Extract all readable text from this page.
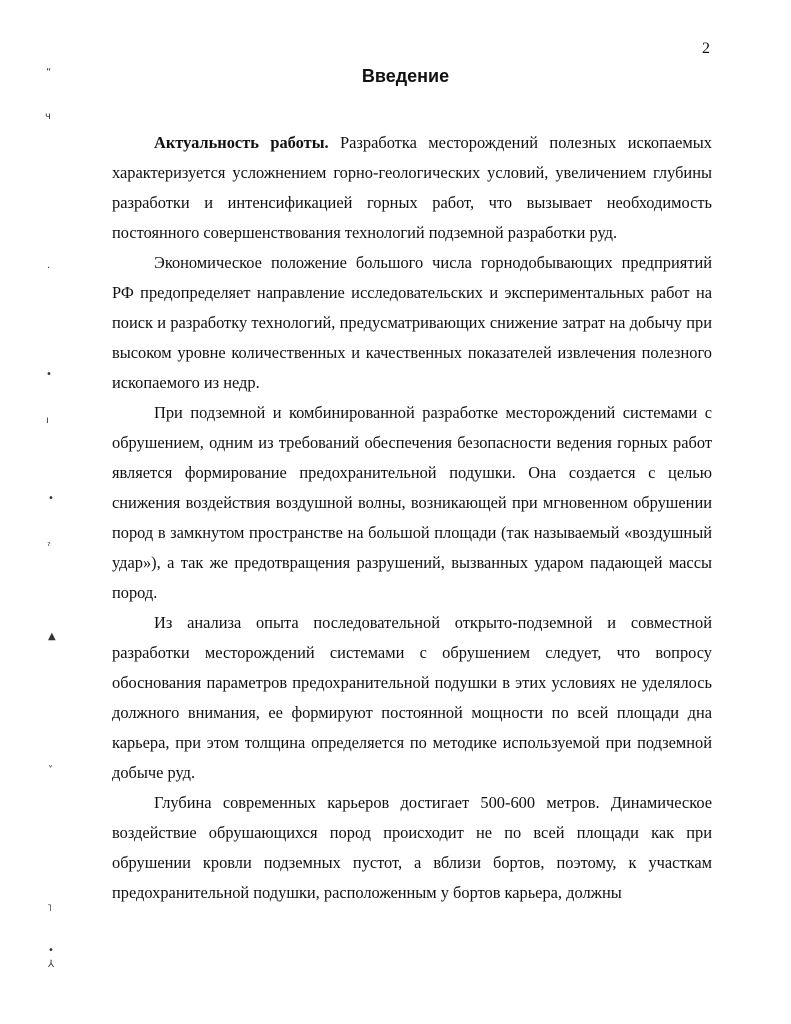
2
Введение

Актуальность работы. Разработка месторождений полезных ископаемых характеризуется усложнением горно-геологических условий, увеличением глубины разработки и интенсификацией горных работ, что вызывает необходимость постоянного совершенствования технологий подземной разработки руд.

Экономическое положение большого числа горнодобывающих предприятий РФ предопределяет направление исследовательских и экспериментальных работ на поиск и разработку технологий, предусматривающих снижение затрат на добычу при высоком уровне количественных и качественных показателей извлечения полезного ископаемого из недр.

При подземной и комбинированной разработке месторождений системами с обрушением, одним из требований обеспечения безопасности ведения горных работ является формирование предохранительной подушки. Она создается с целью снижения воздействия воздушной волны, возникающей при мгновенном обрушении пород в замкнутом пространстве на большой площади (так называемый «воздушный удар»), а так же предотвращения разрушений, вызванных ударом падающей массы пород.

Из анализа опыта последовательной открыто-подземной и совместной разработки месторождений системами с обрушением следует, что вопросу обоснования параметров предохранительной подушки в этих условиях не уделялось должного внимания, ее формируют постоянной мощности по всей площади дна карьера, при этом толщина определяется по методике используемой при подземной добыче руд.

Глубина современных карьеров достигает 500-600 метров. Динамическое воздействие обрушающихся пород происходит не по всей площади как при обрушении кровли подземных пустот, а вблизи бортов, поэтому, к участкам предохранительной подушки, расположенным у бортов карьера, должны

“
ч
·
•
ı
•
ˀ
▲
˅
˥
•
⅄
